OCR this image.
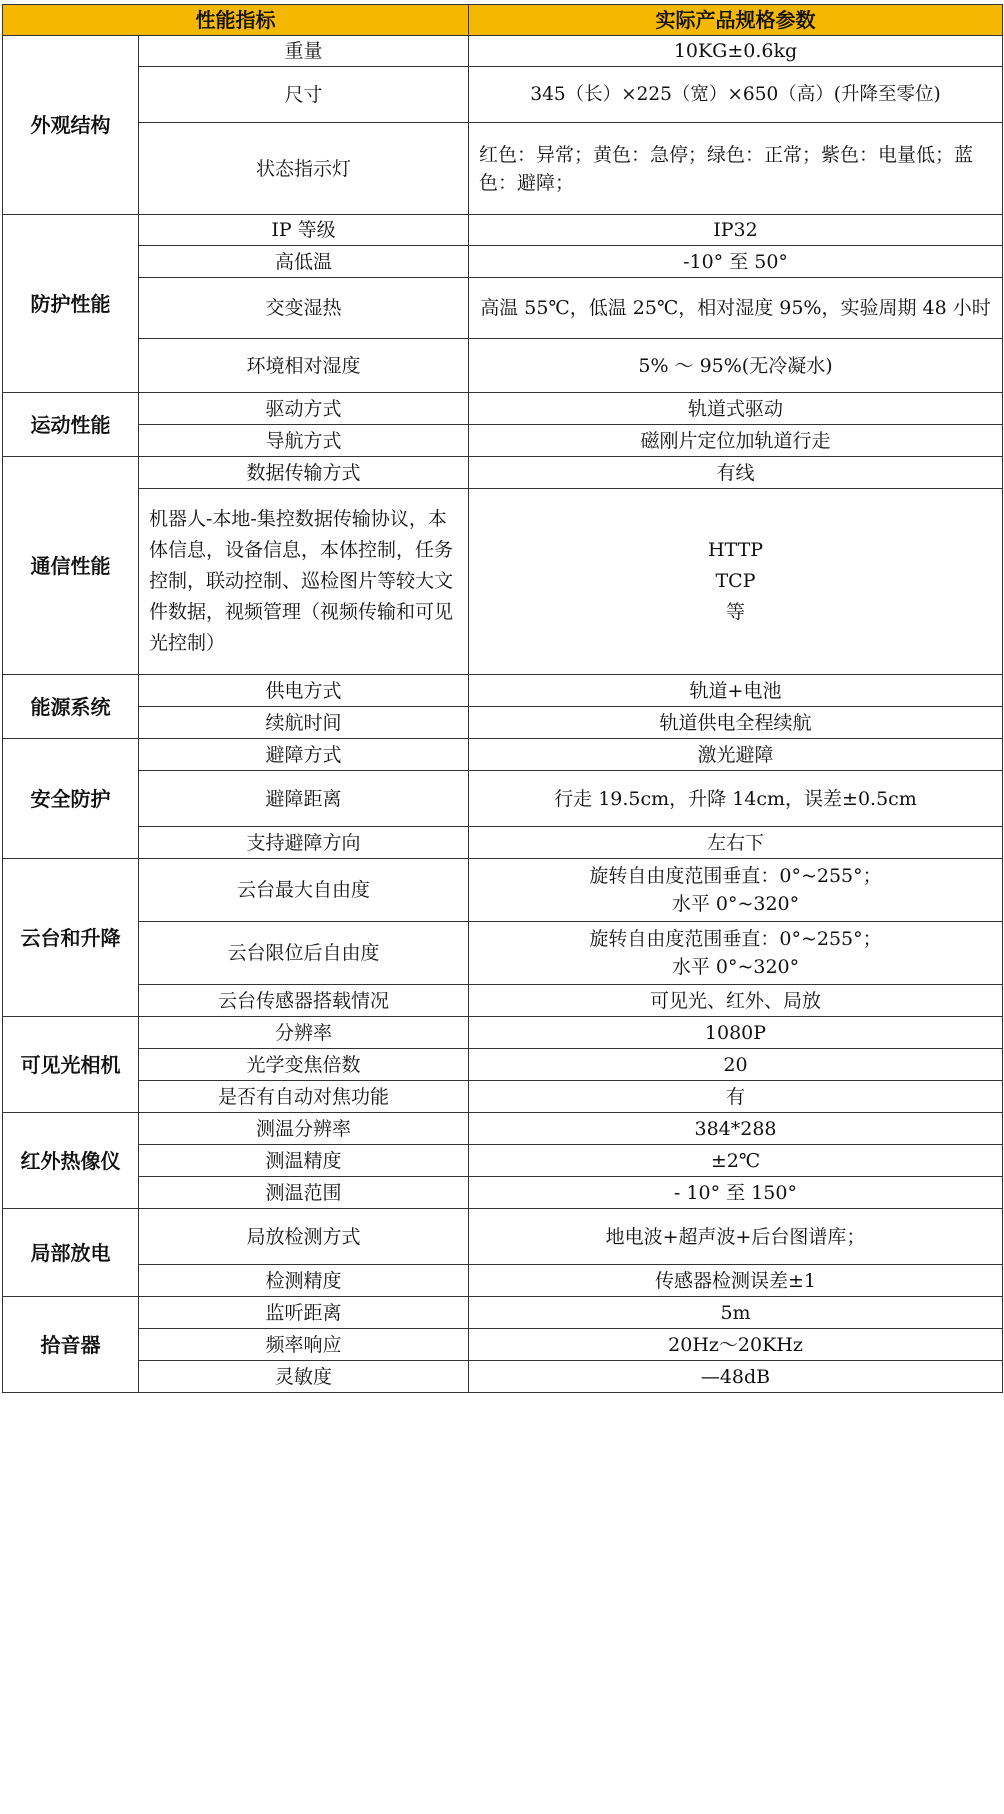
性能指标		实际产品规格参数
外观结构	重量	10KG±0.6kg
	尺寸	345（长）×225（宽）×650（高）(升降至零位)
	状态指示灯	红色：异常；黄色：急停；绿色：正常；紫色：电量低；蓝色：避障；
防护性能	IP 等级	IP32
	高低温	-10° 至 50°
	交变湿热	高温 55℃，低温 25℃，相对湿度 95%，实验周期 48 小时
	环境相对湿度	5% ～ 95%(无冷凝水)
运动性能	驱动方式	轨道式驱动
	导航方式	磁刚片定位加轨道行走
通信性能	数据传输方式	有线
	机器人-本地-集控数据传输协议，本体信息，设备信息，本体控制，任务控制，联动控制、巡检图片等较大文件数据，视频管理（视频传输和可见光控制）	HTTP
TCP
等
能源系统	供电方式	轨道+电池
	续航时间	轨道供电全程续航
安全防护	避障方式	激光避障
	避障距离	行走 19.5cm，升降 14cm，误差±0.5cm
	支持避障方向	左右下
云台和升降	云台最大自由度	旋转自由度范围垂直：0°~255°；
水平 0°~320°
	云台限位后自由度	旋转自由度范围垂直：0°~255°；
水平 0°~320°
	云台传感器搭载情况	可见光、红外、局放
可见光相机	分辨率	1080P
	光学变焦倍数	20
	是否有自动对焦功能	有
红外热像仪	测温分辨率	384*288
	测温精度	±2℃
	测温范围	- 10° 至 150°
局部放电	局放检测方式	地电波+超声波+后台图谱库；
	检测精度	传感器检测误差±1
拾音器	监听距离	5m
	频率响应	20Hz～20KHz
	灵敏度	—48dB
